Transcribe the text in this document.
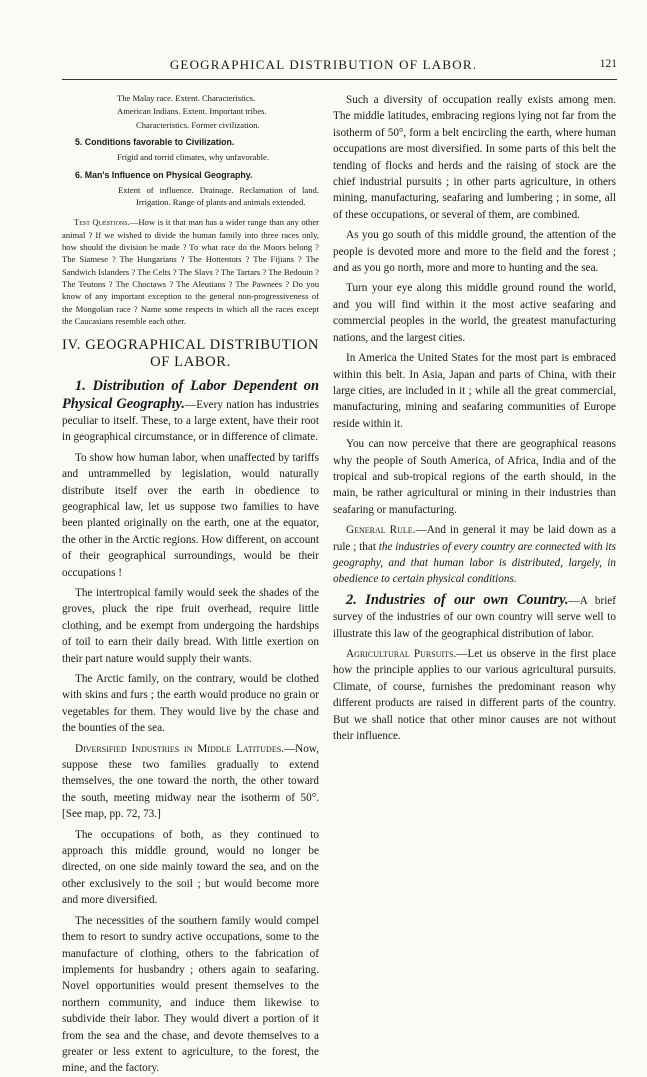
GEOGRAPHICAL DISTRIBUTION OF LABOR.	121
The Malay race. Extent. Characteristics.
American Indians. Extent. Important tribes.
Characteristics. Former civilization.
5. Conditions favorable to Civilization.
Frigid and torrid climates, why unfavorable.
6. Man's Influence on Physical Geography.
Extent of influence. Drainage. Reclamation of land. Irrigation. Range of plants and animals extended.

Test Questions.—How is it that man has a wider range than any other animal ? If we wished to divide the human family into three races only, how should the division be made ? To what race do the Moors belong ? The Siamese ? The Hungarians ? The Hottentots ? The Fijians ? The Sandwich Islanders ? The Celts ? The Slavs ? The Tartars ? The Bedouin ? The Teutons ? The Choctaws ? The Aleutians ? The Pawnees ? Do you know of any important exception to the general non-progressiveness of the Mongolian race ? Name some respects in which all the races except the Caucasians resemble each other.

IV. GEOGRAPHICAL DISTRIBUTION OF LABOR.

1. Distribution of Labor Dependent on Physical Geography.—Every nation has industries peculiar to itself. These, to a large extent, have their root in geographical circumstance, or in difference of climate.

To show how human labor, when unaffected by tariffs and untrammelled by legislation, would naturally distribute itself over the earth in obedience to geographical law, let us suppose two families to have been planted originally on the earth, one at the equator, the other in the Arctic regions. How different, on account of their geographical surroundings, would be their occupations !

The intertropical family would seek the shades of the groves, pluck the ripe fruit overhead, require little clothing, and be exempt from undergoing the hardships of toil to earn their daily bread. With little exertion on their part nature would supply their wants.

The Arctic family, on the contrary, would be clothed with skins and furs ; the earth would produce no grain or vegetables for them. They would live by the chase and the bounties of the sea.

Diversified Industries in Middle Latitudes.—Now, suppose these two families gradually to extend themselves, the one toward the north, the other toward the south, meeting midway near the isotherm of 50°. [See map, pp. 72, 73.]

The occupations of both, as they continued to approach this middle ground, would no longer be directed, on one side mainly toward the sea, and on the other exclusively to the soil ; but would become more and more diversified.

The necessities of the southern family would compel them to resort to sundry active occupations, some to the manufacture of clothing, others to the fabrication of implements for husbandry ; others again to seafaring. Novel opportunities would present themselves to the northern community, and induce them likewise to subdivide their labor. They would divert a portion of it from the sea and the chase, and devote themselves to a greater or less extent to agriculture, to the forest, the mine, and the factory.

Such a diversity of occupation really exists among men. The middle latitudes, embracing regions lying not far from the isotherm of 50°, form a belt encircling the earth, where human occupations are most diversified. In some parts of this belt the tending of flocks and herds and the raising of stock are the chief industrial pursuits ; in other parts agriculture, in others mining, manufacturing, seafaring and lumbering ; in some, all of these occupations, or several of them, are combined.

As you go south of this middle ground, the attention of the people is devoted more and more to the field and the forest ; and as you go north, more and more to hunting and the sea.

Turn your eye along this middle ground round the world, and you will find within it the most active seafaring and commercial peoples in the world, the greatest manufacturing nations, and the largest cities.

In America the United States for the most part is embraced within this belt. In Asia, Japan and parts of China, with their large cities, are included in it ; while all the great commercial, manufacturing, mining and seafaring communities of Europe reside within it.

You can now perceive that there are geographical reasons why the people of South America, of Africa, India and of the tropical and sub-tropical regions of the earth should, in the main, be rather agricultural or mining in their industries than seafaring or manufacturing.

General Rule.—And in general it may be laid down as a rule ; that the industries of every country are connected with its geography, and that human labor is distributed, largely, in obedience to certain physical conditions.

2. Industries of our own Country.—A brief survey of the industries of our own country will serve well to illustrate this law of the geographical distribution of labor.

Agricultural Pursuits.—Let us observe in the first place how the principle applies to our various agricultural pursuits. Climate, of course, furnishes the predominant reason why different products are raised in different parts of the country. But we shall notice that other minor causes are not without their influence.
